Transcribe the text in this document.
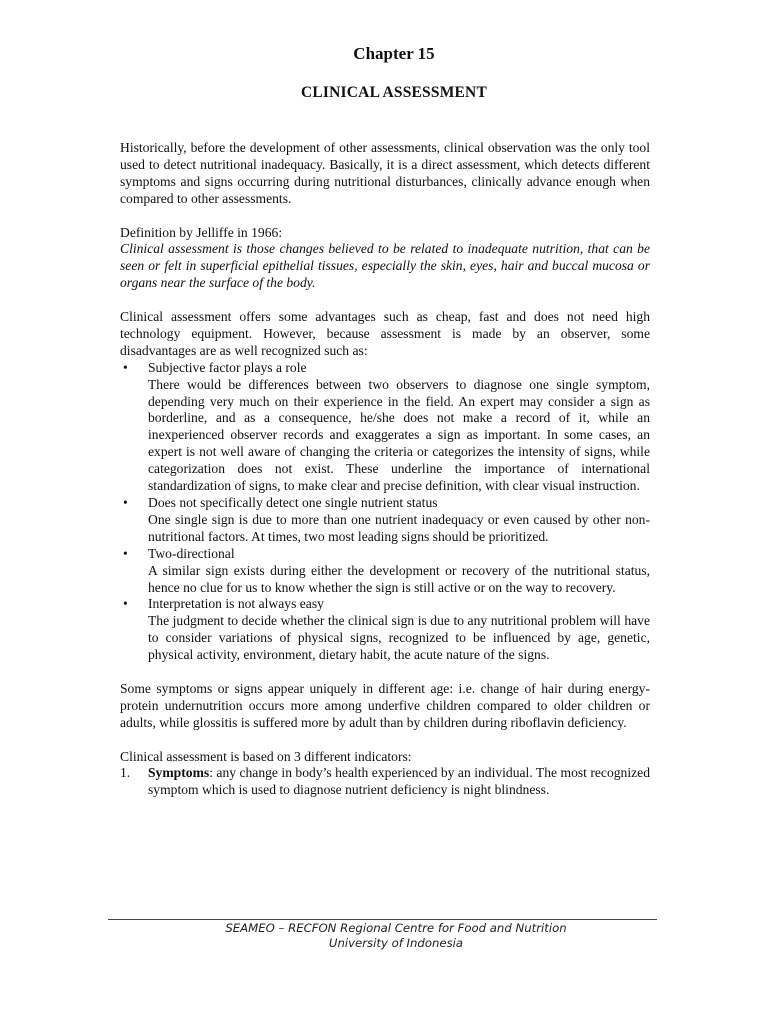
Chapter 15
CLINICAL ASSESSMENT

Historically, before the development of other assessments, clinical observation was the only tool used to detect nutritional inadequacy. Basically, it is a direct assessment, which detects different symptoms and signs occurring during nutritional disturbances, clinically advance enough when compared to other assessments.

Definition by Jelliffe in 1966:

Clinical assessment is those changes believed to be related to inadequate nutrition, that can be seen or felt in superficial epithelial tissues, especially the skin, eyes, hair and buccal mucosa or organs near the surface of the body.

Clinical assessment offers some advantages such as cheap, fast and does not need high technology equipment. However, because assessment is made by an observer, some disadvantages are as well recognized such as:

• Subjective factor plays a role
There would be differences between two observers to diagnose one single symptom, depending very much on their experience in the field. An expert may consider a sign as borderline, and as a consequence, he/she does not make a record of it, while an inexperienced observer records and exaggerates a sign as important. In some cases, an expert is not well aware of changing the criteria or categorizes the intensity of signs, while categorization does not exist. These underline the importance of international standardization of signs, to make clear and precise definition, with clear visual instruction.
• Does not specifically detect one single nutrient status
One single sign is due to more than one nutrient inadequacy or even caused by other non-nutritional factors. At times, two most leading signs should be prioritized.
• Two-directional
A similar sign exists during either the development or recovery of the nutritional status, hence no clue for us to know whether the sign is still active or on the way to recovery.
• Interpretation is not always easy
The judgment to decide whether the clinical sign is due to any nutritional problem will have to consider variations of physical signs, recognized to be influenced by age, genetic, physical activity, environment, dietary habit, the acute nature of the signs.

Some symptoms or signs appear uniquely in different age: i.e. change of hair during energy-protein undernutrition occurs more among underfive children compared to older children or adults, while glossitis is suffered more by adult than by children during riboflavin deficiency.

Clinical assessment is based on 3 different indicators:

1. Symptoms: any change in body’s health experienced by an individual. The most recognized symptom which is used to diagnose nutrient deficiency is night blindness.
SEAMEO – RECFON Regional Centre for Food and Nutrition
University of Indonesia
